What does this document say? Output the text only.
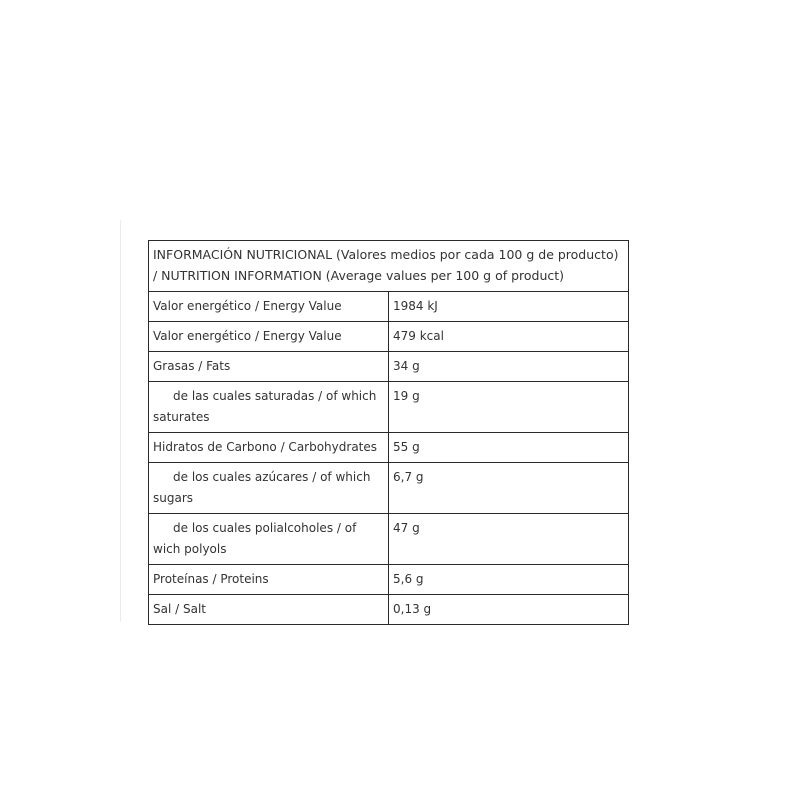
INFORMACIÓN NUTRICIONAL (Valores medios por cada 100 g de producto)
/ NUTRITION INFORMATION (Average values per 100 g of product)	
Valor energético / Energy Value	1984 kJ
Valor energético / Energy Value	479 kcal
Grasas / Fats	34 g
de las cuales saturadas / of which saturates	19 g
Hidratos de Carbono / Carbohydrates	55 g
de los cuales azúcares / of which sugars	6,7 g
de los cuales polialcoholes / of wich polyols	47 g
Proteínas / Proteins	5,6 g
Sal / Salt	0,13 g
